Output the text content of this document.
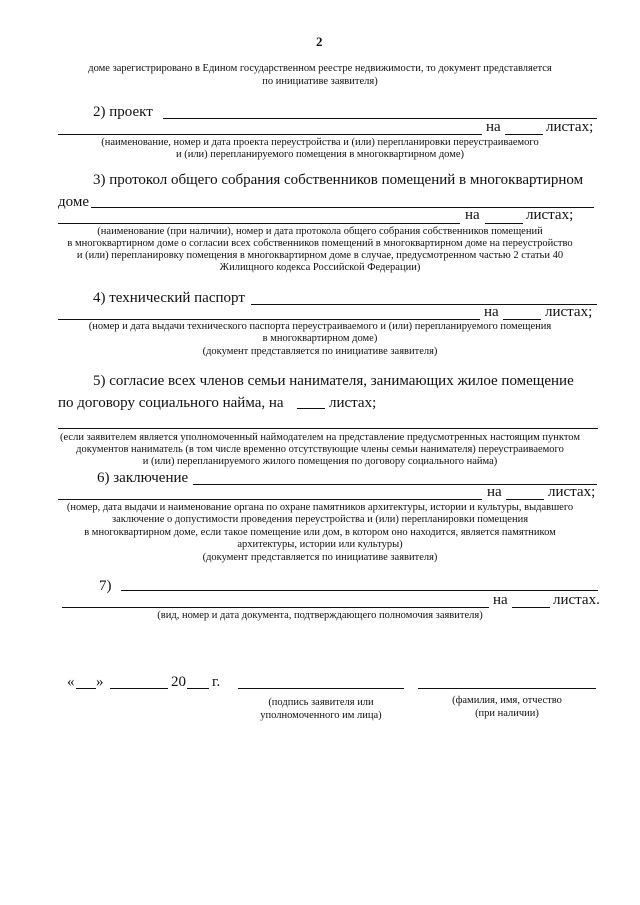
2
доме зарегистрировано в Едином государственном реестре недвижимости, то документ представляется
по инициативе заявителя)
2) проект
на	листах;
(наименование, номер и дата проекта переустройства и (или) перепланировки переустраиваемого
и (или) перепланируемого помещения в многоквартирном доме)
3) протокол общего собрания собственников помещений в многоквартирном
доме
на	листах;
(наименование (при наличии), номер и дата протокола общего собрания собственников помещений
в многоквартирном доме о согласии всех собственников помещений в многоквартирном доме на переустройство
и (или) перепланировку помещения в многоквартирном доме в случае, предусмотренном частью 2 статьи 40
Жилищного кодекса Российской Федерации)
4) технический паспорт
на	листах;
(номер и дата выдачи технического паспорта переустраиваемого и (или) перепланируемого помещения
в многоквартирном доме)
(документ представляется по инициативе заявителя)
5) согласие всех членов семьи нанимателя, занимающих жилое помещение
по договору социального найма, на	листах;
(если заявителем является уполномоченный наймодателем на представление предусмотренных настоящим пунктом
документов наниматель (в том числе временно отсутствующие члены семьи нанимателя) переустраиваемого
и (или) перепланируемого жилого помещения по договору социального найма)
6) заключение
на	листах;
(номер, дата выдачи и наименование органа по охране памятников архитектуры, истории и культуры, выдавшего
заключение о допустимости проведения переустройства и (или) перепланировки помещения
в многоквартирном доме, если такое помещение или дом, в котором оно находится, является памятником
архитектуры, истории или культуры)
(документ представляется по инициативе заявителя)
7)
на	листах.
(вид, номер и дата документа, подтверждающего полномочия заявителя)
« »	20 г.
(подпись заявителя или
уполномоченного им лица)
(фамилия, имя, отчество
(при наличии)
